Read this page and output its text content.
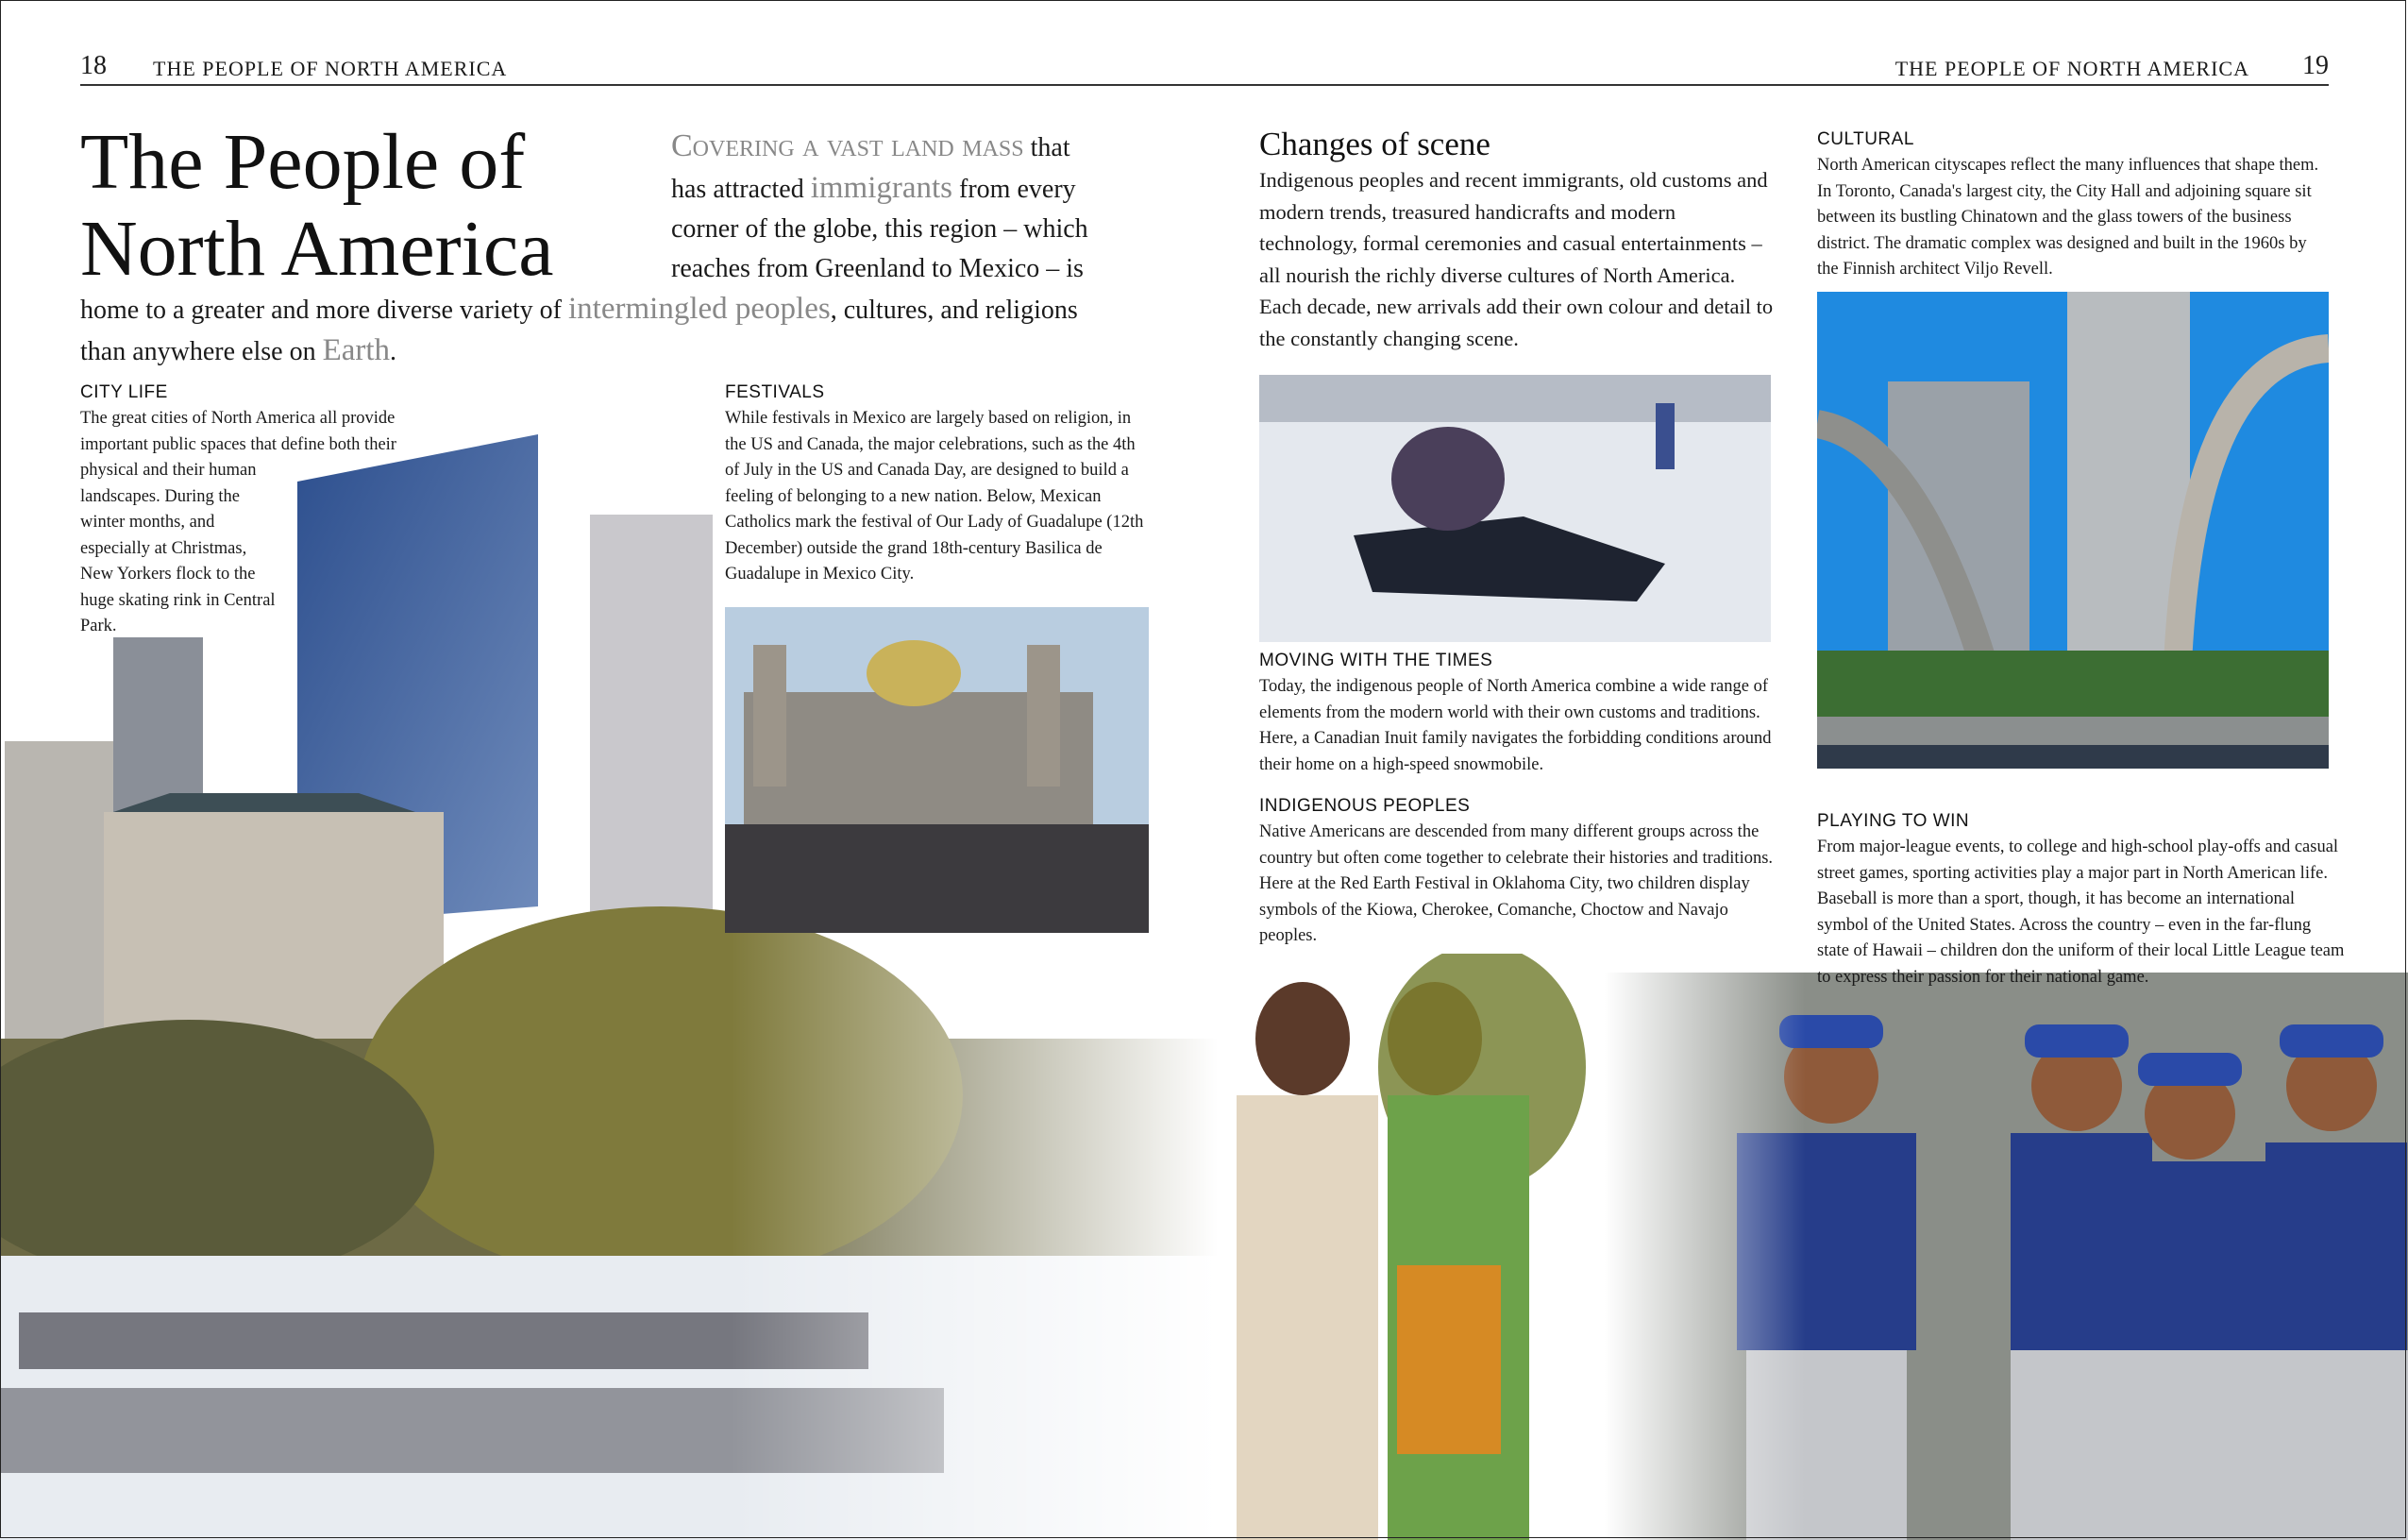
18 THE PEOPLE OF NORTH AMERICA	THE PEOPLE OF NORTH AMERICA 19
The People of
North America
Covering a vast land mass that has attracted immigrants from every corner of the globe, this region – which reaches from Greenland to Mexico – is home to a greater and more diverse variety of intermingled peoples, cultures, and religions than anywhere else on Earth.
CITY LIFE
The great cities of North America all provide important public spaces that define both their physical and their human landscapes. During the winter months, and especially at Christmas, New Yorkers flock to the huge skating rink in Central Park.
FESTIVALS
While festivals in Mexico are largely based on religion, in the US and Canada, the major celebrations, such as the 4th of July in the US and Canada Day, are designed to build a feeling of belonging to a new nation. Below, Mexican Catholics mark the festival of Our Lady of Guadalupe (12th December) outside the grand 18th-century Basilica de Guadalupe in Mexico City.
Changes of scene
Indigenous peoples and recent immigrants, old customs and modern trends, treasured handicrafts and modern technology, formal ceremonies and casual entertainments – all nourish the richly diverse cultures of North America. Each decade, new arrivals add their own colour and detail to the constantly changing scene.
MOVING WITH THE TIMES
Today, the indigenous people of North America combine a wide range of elements from the modern world with their own customs and traditions. Here, a Canadian Inuit family navigates the forbidding conditions around their home on a high-speed snowmobile.
INDIGENOUS PEOPLES
Native Americans are descended from many different groups across the country but often come together to celebrate their histories and traditions. Here at the Red Earth Festival in Oklahoma City, two children display symbols of the Kiowa, Cherokee, Comanche, Choctow and Navajo peoples.
CULTURAL
North American cityscapes reflect the many influences that shape them. In Toronto, Canada's largest city, the City Hall and adjoining square sit between its bustling Chinatown and the glass towers of the business district. The dramatic complex was designed and built in the 1960s by the Finnish architect Viljo Revell.
PLAYING TO WIN
From major-league events, to college and high-school play-offs and casual street games, sporting activities play a major part in North American life. Baseball is more than a sport, though, it has become an international symbol of the United States. Across the country – even in the far-flung state of Hawaii – children don the uniform of their local Little League team to express their passion for their national game.
